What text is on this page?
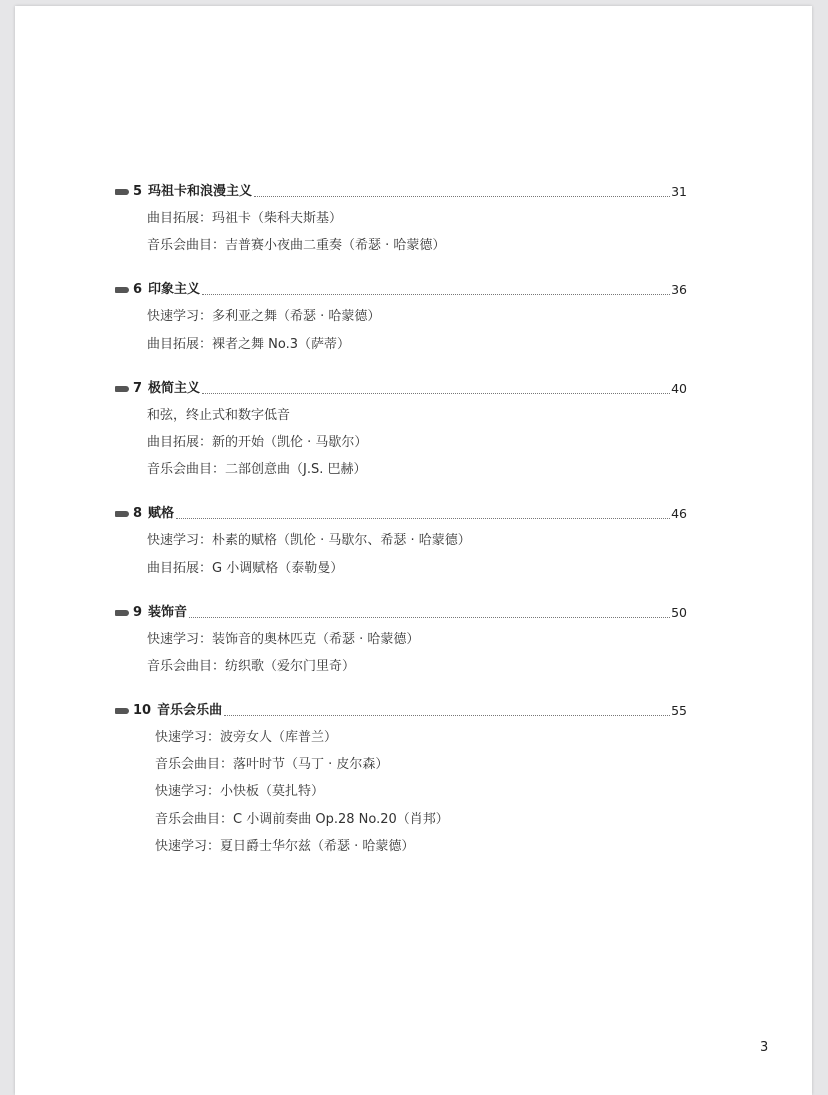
5 玛祖卡和浪漫主义	31
曲目拓展：玛祖卡（柴科夫斯基）
音乐会曲目：吉普赛小夜曲二重奏（希瑟 · 哈蒙德）
6 印象主义	36
快速学习：多利亚之舞（希瑟 · 哈蒙德）
曲目拓展：裸者之舞 No.3（萨蒂）
7 极简主义	40
和弦，终止式和数字低音
曲目拓展：新的开始（凯伦 · 马歇尔）
音乐会曲目：二部创意曲（J.S. 巴赫）
8 赋格	46
快速学习：朴素的赋格（凯伦 · 马歇尔、希瑟 · 哈蒙德）
曲目拓展：G 小调赋格（泰勒曼）
9 装饰音	50
快速学习：装饰音的奥林匹克（希瑟 · 哈蒙德）
音乐会曲目：纺织歌（爱尔门里奇）
10 音乐会乐曲	55
快速学习：波旁女人（库普兰）
音乐会曲目：落叶时节（马丁 · 皮尔森）
快速学习：小快板（莫扎特）
音乐会曲目：C 小调前奏曲 Op.28 No.20（肖邦）
快速学习：夏日爵士华尔兹（希瑟 · 哈蒙德）
3
